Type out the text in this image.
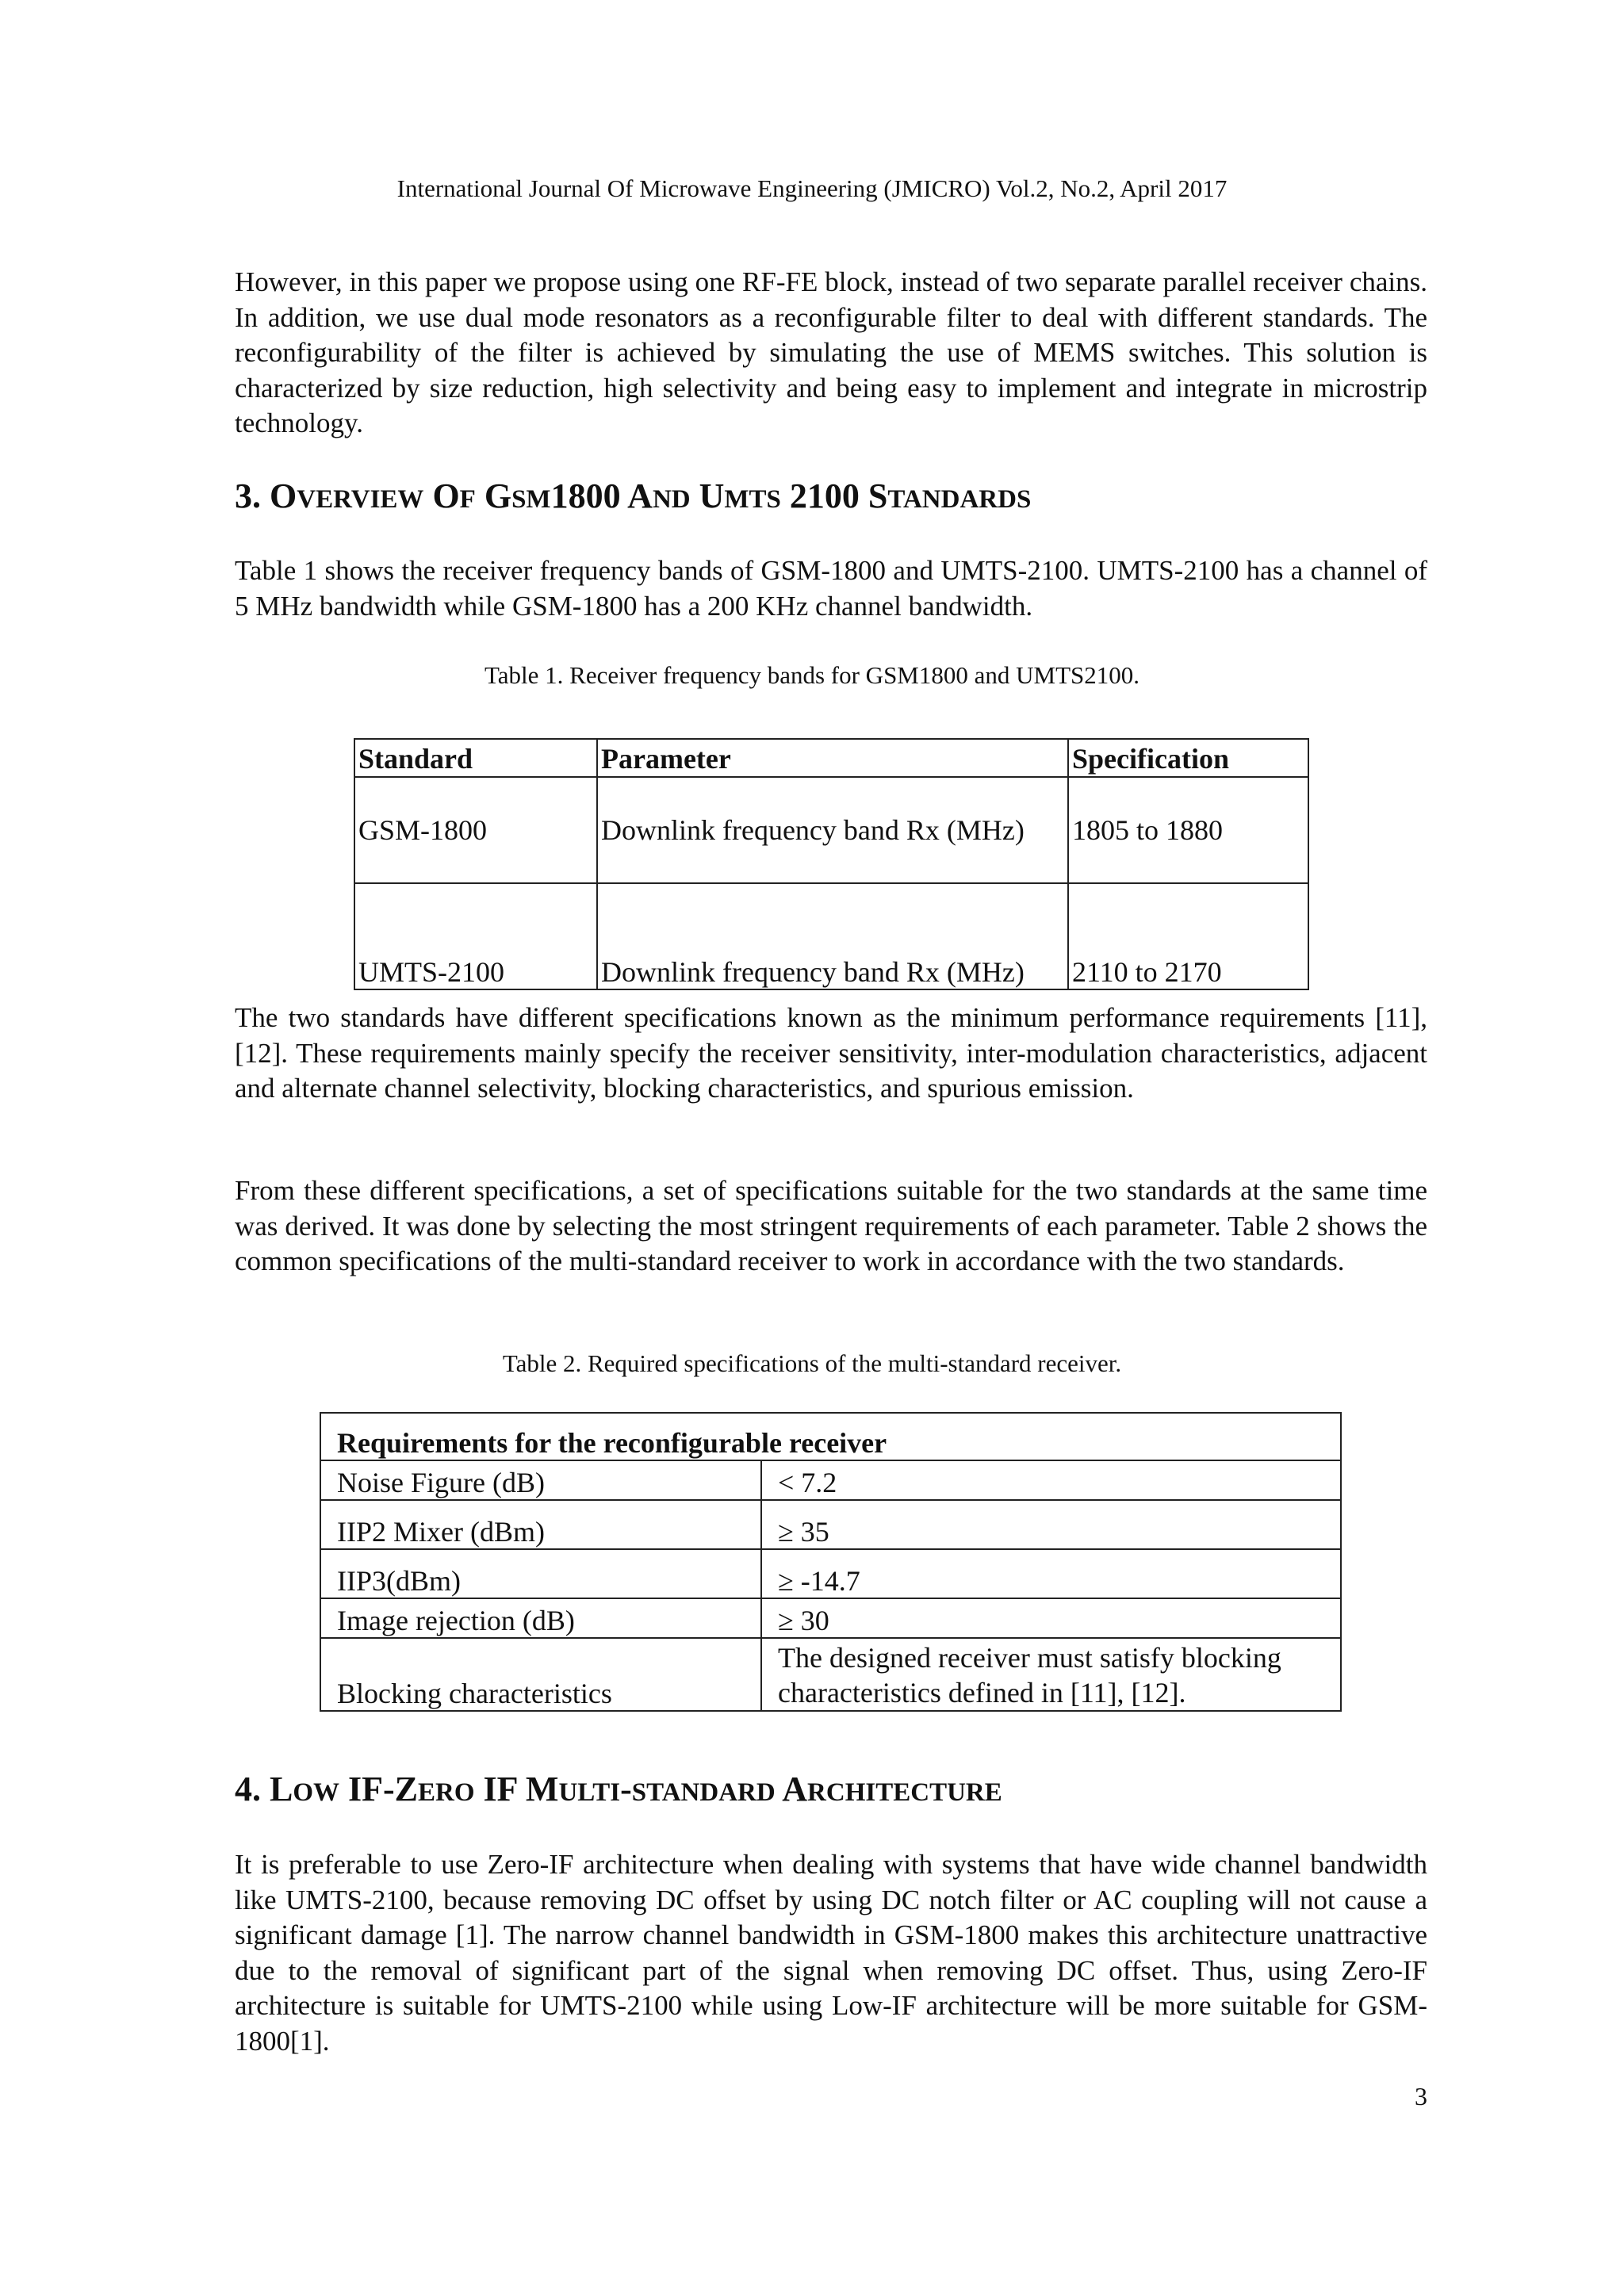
International Journal Of Microwave Engineering (JMICRO) Vol.2, No.2, April 2017

However, in this paper we propose using one RF-FE block, instead of two separate parallel receiver chains. In addition, we use dual mode resonators as a reconfigurable filter to deal with different standards. The reconfigurability of the filter is achieved by simulating the use of MEMS switches. This solution is characterized by size reduction, high selectivity and being easy to implement and integrate in microstrip technology.

3. OVERVIEW OF GSM1800 AND UMTS 2100 STANDARDS

Table 1 shows the receiver frequency bands of GSM-1800 and UMTS-2100. UMTS-2100 has a channel of 5 MHz bandwidth while GSM-1800 has a 200 KHz channel bandwidth.

Table 1. Receiver frequency bands for GSM1800 and UMTS2100.
Standard	Parameter	Specification
GSM-1800	Downlink frequency band Rx (MHz)	1805 to 1880
UMTS-2100	Downlink frequency band Rx (MHz)	2110 to 2170

The two standards have different specifications known as the minimum performance requirements [11], [12]. These requirements mainly specify the receiver sensitivity, inter-modulation characteristics, adjacent and alternate channel selectivity, blocking characteristics, and spurious emission.

From these different specifications, a set of specifications suitable for the two standards at the same time was derived. It was done by selecting the most stringent requirements of each parameter. Table 2 shows the common specifications of the multi-standard receiver to work in accordance with the two standards.

Table 2. Required specifications of the multi-standard receiver.
Requirements for the reconfigurable receiver	
Noise Figure (dB)	< 7.2
IIP2 Mixer (dBm)	≥ 35
IIP3(dBm)	≥ -14.7
Image rejection (dB)	≥ 30
Blocking characteristics	The designed receiver must satisfy blocking characteristics defined in [11], [12].
4. LOW IF-ZERO IF MULTI-STANDARD ARCHITECTURE

It is preferable to use Zero-IF architecture when dealing with systems that have wide channel bandwidth like UMTS-2100, because removing DC offset by using DC notch filter or AC coupling will not cause a significant damage [1]. The narrow channel bandwidth in GSM-1800 makes this architecture unattractive due to the removal of significant part of the signal when removing DC offset. Thus, using Zero-IF architecture is suitable for UMTS-2100 while using Low-IF architecture will be more suitable for GSM-1800[1].

3
